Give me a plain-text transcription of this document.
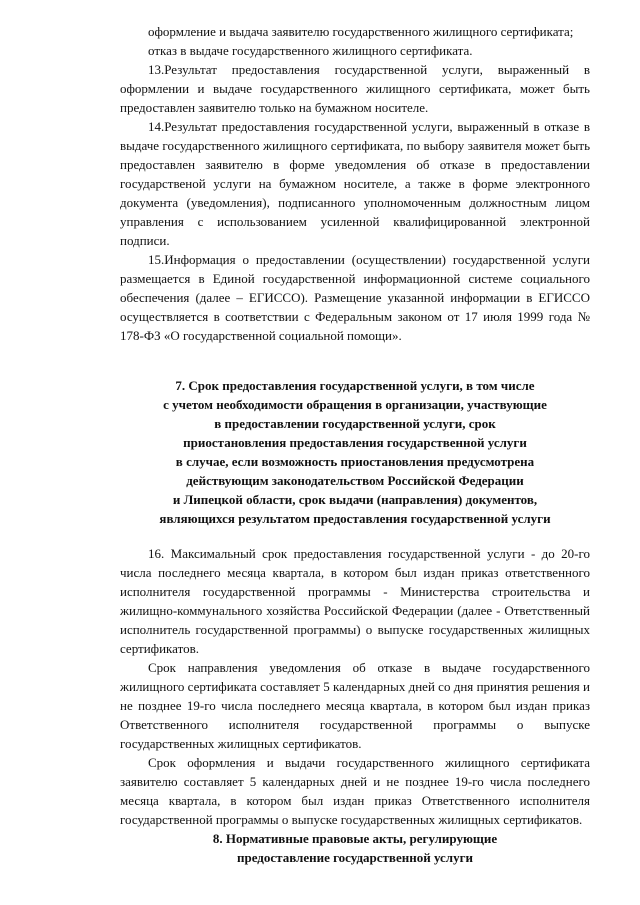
оформление и выдача заявителю государственного жилищного сертификата;

отказ в выдаче государственного жилищного сертификата.

13.Результат предоставления государственной услуги, выраженный в оформлении и выдаче государственного жилищного сертификата, может быть предоставлен заявителю только на бумажном носителе.

14.Результат предоставления государственной услуги, выраженный в отказе в выдаче государственного жилищного сертификата, по выбору заявителя может быть предоставлен заявителю в форме уведомления об отказе в предоставлении государственой услуги на бумажном носителе, а также в форме электронного документа (уведомления), подписанного уполномоченным должностным лицом управления с использованием усиленной квалифицированной электронной подписи.

15.Информация о предоставлении (осуществлении) государственной услуги размещается в Единой государственной информационной системе социального обеспечения (далее – ЕГИССО). Размещение указанной информации в ЕГИССО осуществляется в соответствии с Федеральным законом от 17 июля 1999 года № 178-ФЗ «О государственной социальной помощи».

7. Срок предоставления государственной услуги, в том числе
с учетом необходимости обращения в организации, участвующие
в предоставлении государственной услуги, срок
приостановления предоставления государственной услуги
в случае, если возможность приостановления предусмотрена
действующим законодательством Российской Федерации
и Липецкой области, срок выдачи (направления) документов,
являющихся результатом предоставления государственной услуги

16. Максимальный срок предоставления государственной услуги - до 20-го числа последнего месяца квартала, в котором был издан приказ ответственного исполнителя государственной программы - Министерства строительства и жилищно-коммунального хозяйства Российской Федерации (далее - Ответственный исполнитель государственной программы) о выпуске государственных жилищных сертификатов.

Срок направления уведомления об отказе в выдаче государственного жилищного сертификата составляет 5 календарных дней со дня принятия решения и не позднее 19-го числа последнего месяца квартала, в котором был издан приказ Ответственного исполнителя государственной программы о выпуске государственных жилищных сертификатов.

Срок оформления и выдачи государственного жилищного сертификата заявителю составляет 5 календарных дней и не позднее 19-го числа последнего месяца квартала, в котором был издан приказ Ответственного исполнителя государственной программы о выпуске государственных жилищных сертификатов.

8. Нормативные правовые акты, регулирующие
предоставление государственной услуги
